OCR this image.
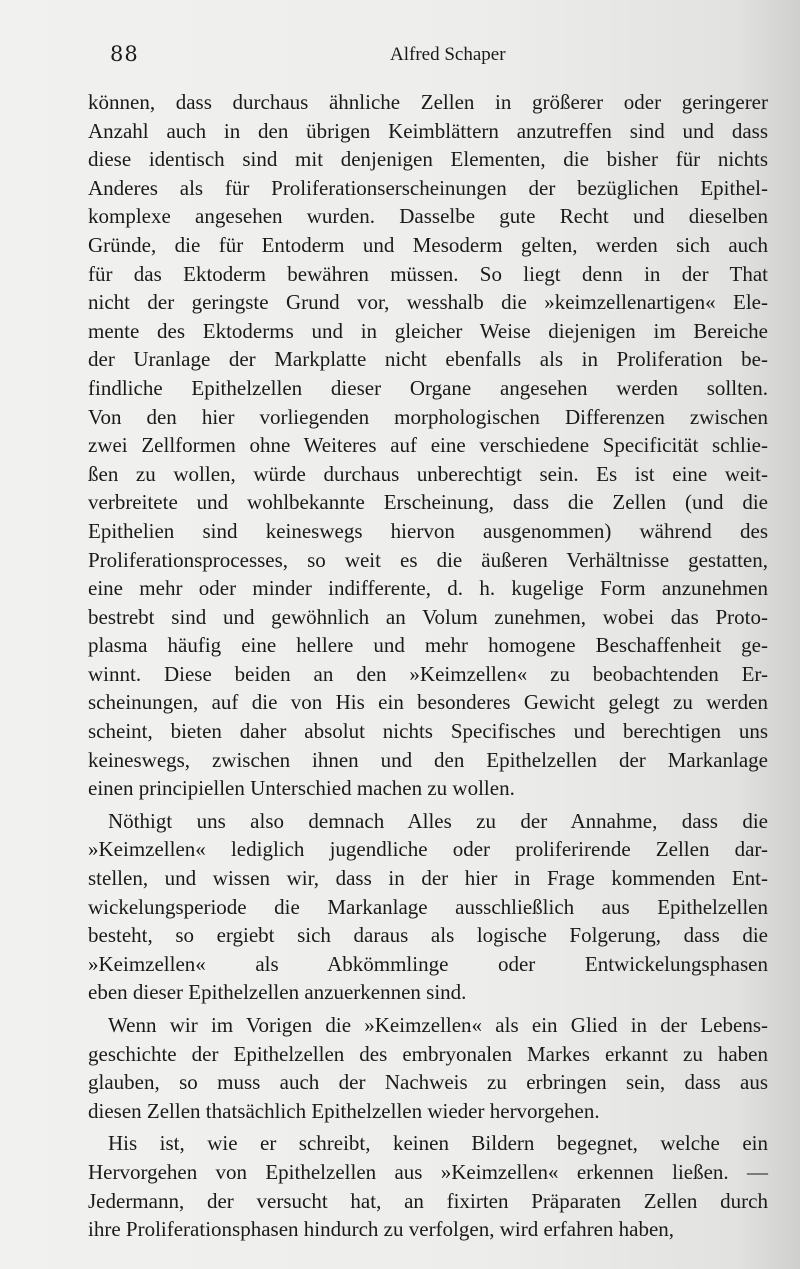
88	Alfred Schaper
können, dass durchaus ähnliche Zellen in größerer oder geringerer
Anzahl auch in den übrigen Keimblättern anzutreffen sind und dass
diese identisch sind mit denjenigen Elementen, die bisher für nichts
Anderes als für Proliferationserscheinungen der bezüglichen Epithel-
komplexe angesehen wurden. Dasselbe gute Recht und dieselben
Gründe, die für Entoderm und Mesoderm gelten, werden sich auch
für das Ektoderm bewähren müssen. So liegt denn in der That
nicht der geringste Grund vor, wesshalb die »keimzellenartigen« Ele-
mente des Ektoderms und in gleicher Weise diejenigen im Bereiche
der Uranlage der Markplatte nicht ebenfalls als in Proliferation be-
findliche Epithelzellen dieser Organe angesehen werden sollten.
Von den hier vorliegenden morphologischen Differenzen zwischen
zwei Zellformen ohne Weiteres auf eine verschiedene Specificität schlie-
ßen zu wollen, würde durchaus unberechtigt sein. Es ist eine weit-
verbreitete und wohlbekannte Erscheinung, dass die Zellen (und die
Epithelien sind keineswegs hiervon ausgenommen) während des
Proliferationsprocesses, so weit es die äußeren Verhältnisse gestatten,
eine mehr oder minder indifferente, d. h. kugelige Form anzunehmen
bestrebt sind und gewöhnlich an Volum zunehmen, wobei das Proto-
plasma häufig eine hellere und mehr homogene Beschaffenheit ge-
winnt. Diese beiden an den »Keimzellen« zu beobachtenden Er-
scheinungen, auf die von His ein besonderes Gewicht gelegt zu werden
scheint, bieten daher absolut nichts Specifisches und berechtigen uns
keineswegs, zwischen ihnen und den Epithelzellen der Markanlage
einen principiellen Unterschied machen zu wollen.
Nöthigt uns also demnach Alles zu der Annahme, dass die
»Keimzellen« lediglich jugendliche oder proliferirende Zellen dar-
stellen, und wissen wir, dass in der hier in Frage kommenden Ent-
wickelungsperiode die Markanlage ausschließlich aus Epithelzellen
besteht, so ergiebt sich daraus als logische Folgerung, dass die
»Keimzellen« als Abkömmlinge oder Entwickelungsphasen
eben dieser Epithelzellen anzuerkennen sind.
Wenn wir im Vorigen die »Keimzellen« als ein Glied in der Lebens-
geschichte der Epithelzellen des embryonalen Markes erkannt zu haben
glauben, so muss auch der Nachweis zu erbringen sein, dass aus
diesen Zellen thatsächlich Epithelzellen wieder hervorgehen.
His ist, wie er schreibt, keinen Bildern begegnet, welche ein
Hervorgehen von Epithelzellen aus »Keimzellen« erkennen ließen. —
Jedermann, der versucht hat, an fixirten Präparaten Zellen durch
ihre Proliferationsphasen hindurch zu verfolgen, wird erfahren haben,
